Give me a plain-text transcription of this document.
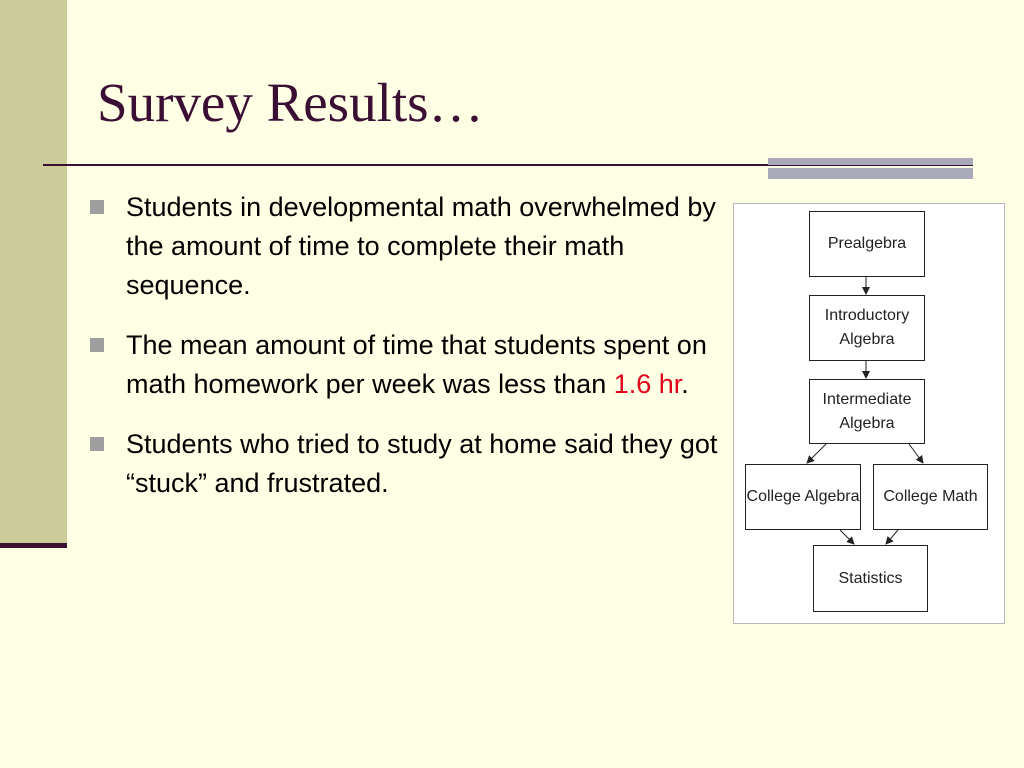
Survey Results…
Students in developmental math overwhelmed by the amount of time to complete their math sequence.
The mean amount of time that students spent on math homework per week was less than 1.6 hr.
Students who tried to study at home said they got “stuck” and frustrated.
Prealgebra
Introductory Algebra
Intermediate Algebra
College Algebra	College Math
Statistics
